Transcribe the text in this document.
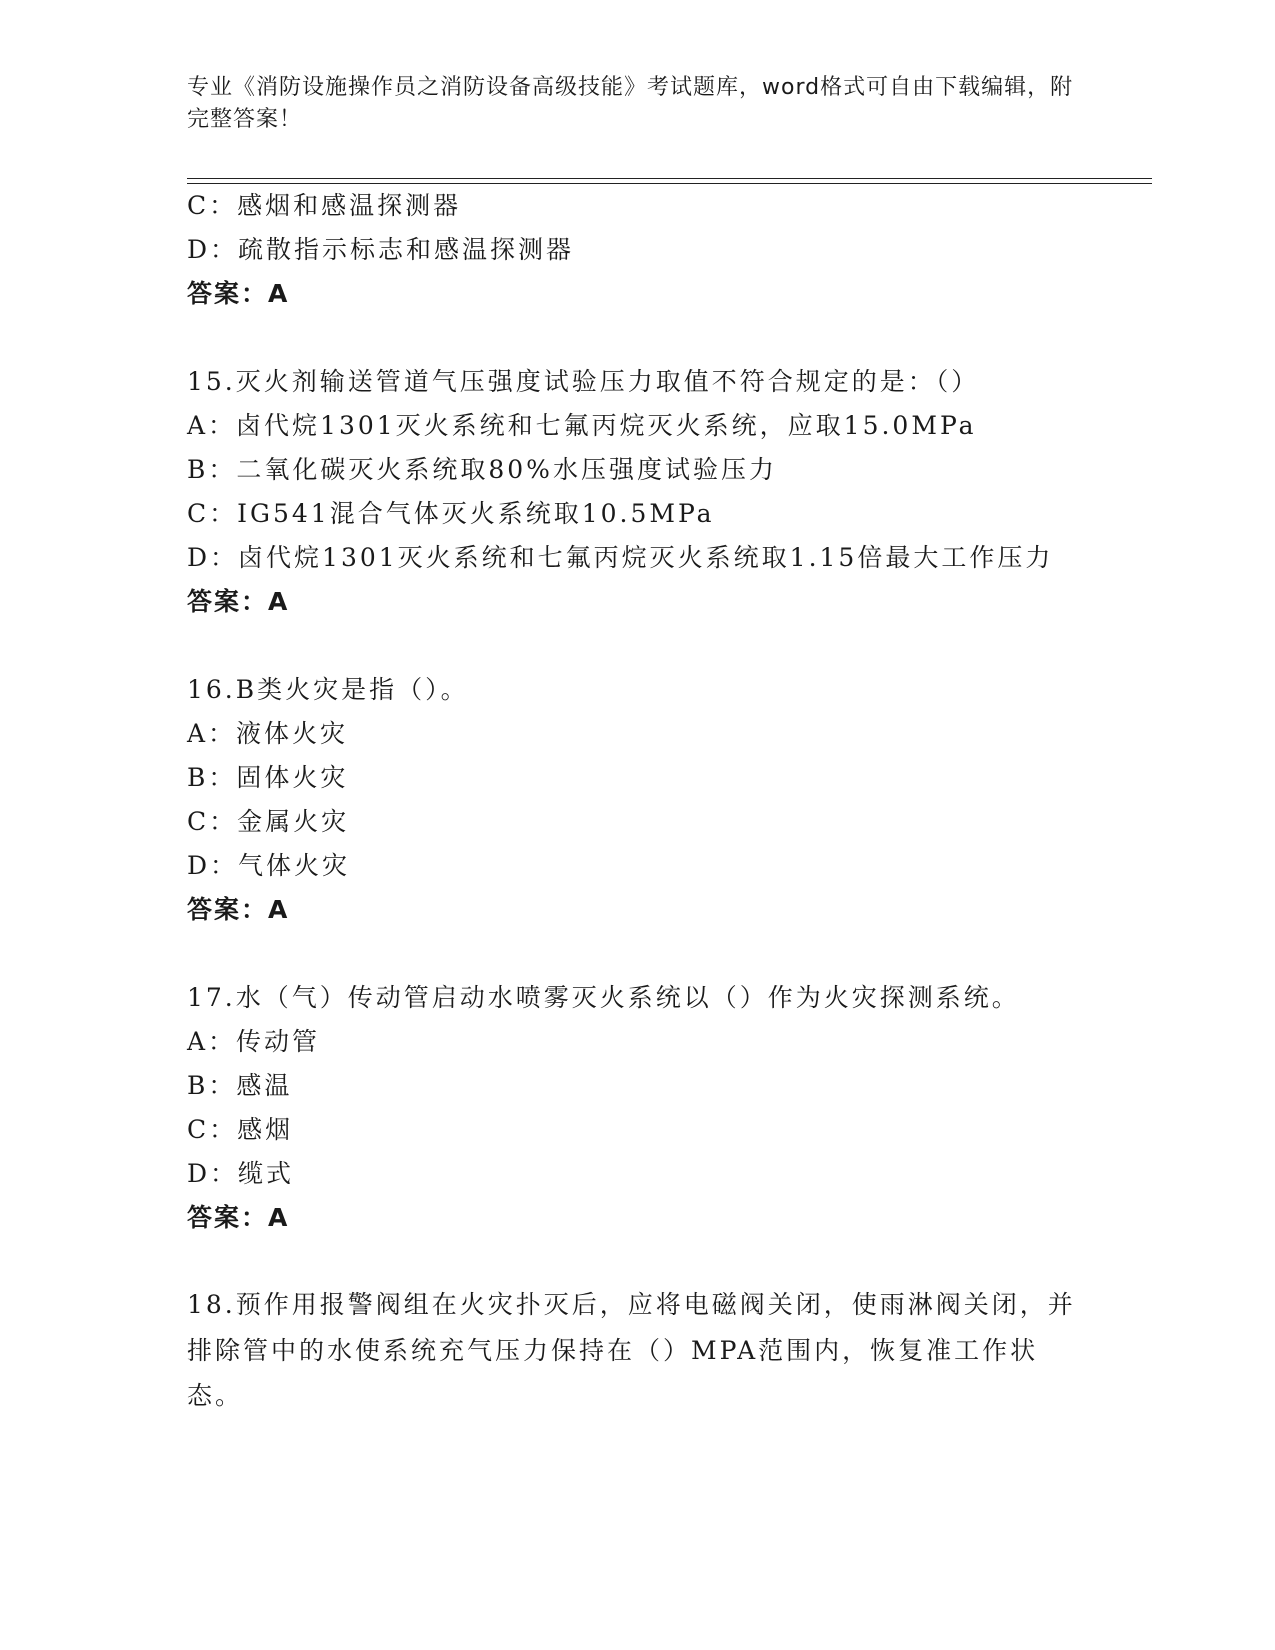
专业《消防设施操作员之消防设备高级技能》考试题库，word格式可自由下载编辑，附完整答案！
C：感烟和感温探测器
D：疏散指示标志和感温探测器
答案：A
15.灭火剂输送管道气压强度试验压力取值不符合规定的是：（）
A：卤代烷1301灭火系统和七氟丙烷灭火系统，应取15.0MPa
B：二氧化碳灭火系统取80%水压强度试验压力
C：IG541混合气体灭火系统取10.5MPa
D：卤代烷1301灭火系统和七氟丙烷灭火系统取1.15倍最大工作压力
答案：A
16.B类火灾是指（）。
A：液体火灾
B：固体火灾
C：金属火灾
D：气体火灾
答案：A
17.水（气）传动管启动水喷雾灭火系统以（）作为火灾探测系统。
A：传动管
B：感温
C：感烟
D：缆式
答案：A
18.预作用报警阀组在火灾扑灭后，应将电磁阀关闭，使雨淋阀关闭，并排除管中的水使系统充气压力保持在（）MPA范围内，恢复准工作状态。
